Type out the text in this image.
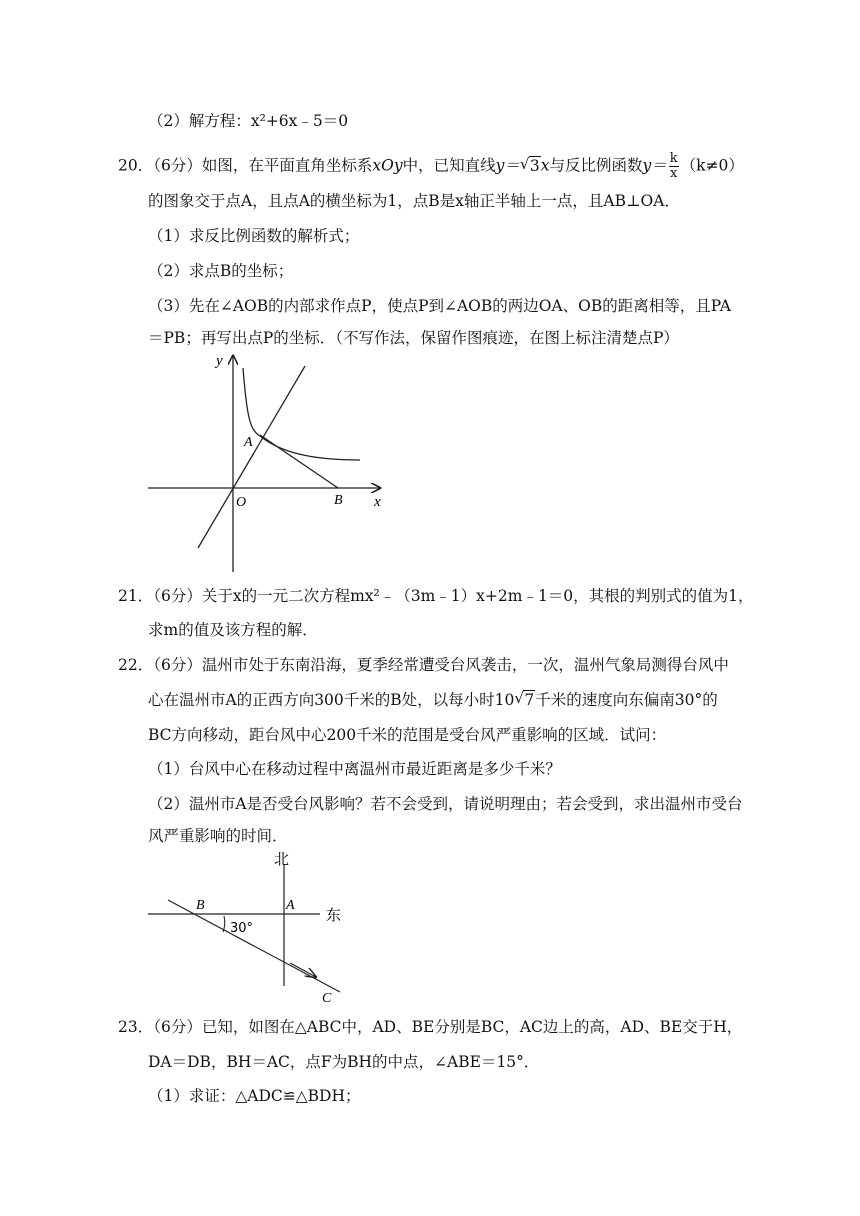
（2）解方程：x²+6x﹣5＝0
20．（6分）如图，在平面直角坐标系xOy中，已知直线y＝ √ 3x与反比例函数$y= \frac{k}{x} (k\ne 0)$
的图象交于点A，且点A的横坐标为1，点B是x轴正半轴上一点，且AB⊥OA．
（1）求反比例函数的解析式；
（2）求点B的坐标；
（3）先在∠AOB的内部求作点P，使点P到∠AOB的两边OA、OB的距离相等，且PA
＝PB；再写出点P的坐标．（不写作法，保留作图痕迹，在图上标注清楚点P）
y
x
A
O	B
21．（6分）关于x的一元二次方程mx²﹣（3m﹣1）x+2m﹣1＝0，其根的判别式的值为1，
求m的值及该方程的解．
22．（6分）温州市处于东南沿海，夏季经常遭受台风袭击，一次，温州气象局测得台风中
心在温州市A的正西方向300千米的B处，以每小时10 √ 7千米的速度向东偏南30°的
BC方向移动，距台风中心200千米的范围是受台风严重影响的区域．试问：
（1）台风中心在移动过程中离温州市最近距离是多少千米？
（2）温州市A是否受台风影响？若不会受到，请说明理由；若会受到，求出温州市受台
风严重影响的时间．
北
东
B	A
C
30°
23．（6分）已知，如图在△ABC中，AD、BE分别是BC，AC边上的高，AD、BE交于H，
DA＝DB，BH＝AC，点F为BH的中点，∠ABE＝15°．
（1）求证：△ADC≌△BDH；
